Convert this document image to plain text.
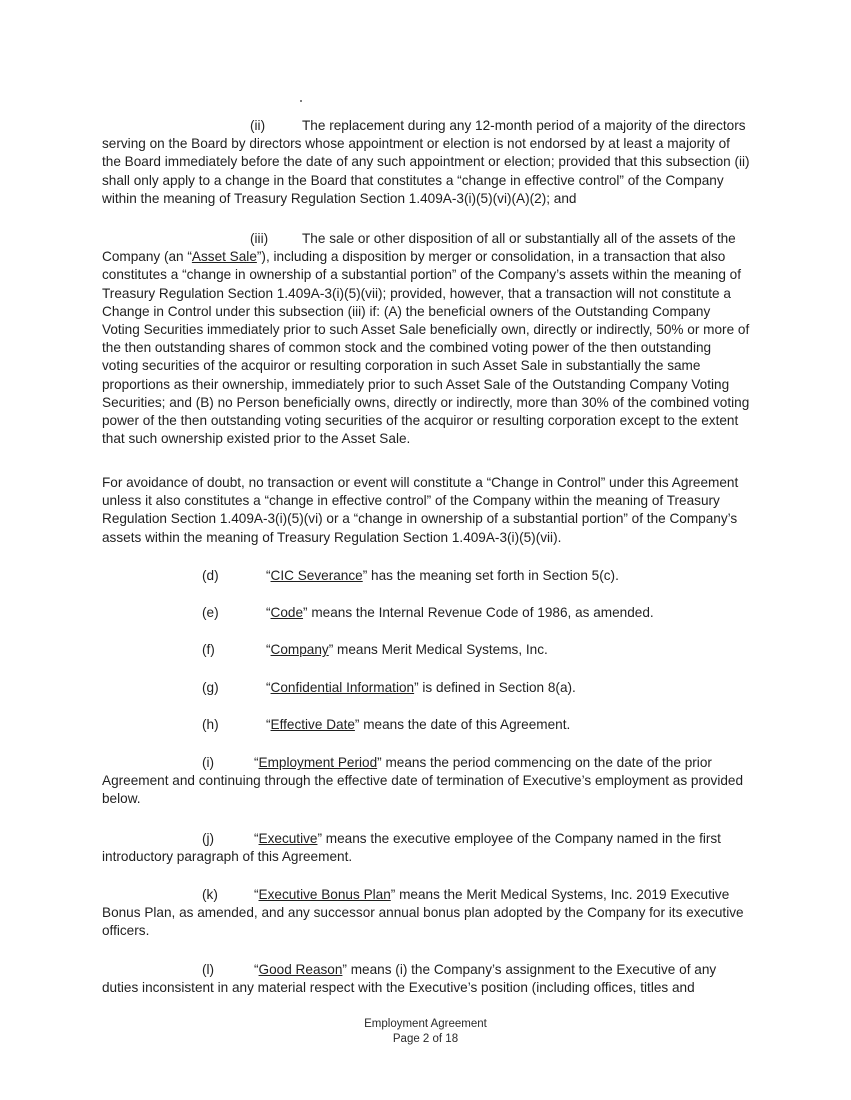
(ii)	The replacement during any 12-month period of a majority of the directors serving on the Board by directors whose appointment or election is not endorsed by at least a majority of the Board immediately before the date of any such appointment or election; provided that this subsection (ii) shall only apply to a change in the Board that constitutes a “change in effective control” of the Company within the meaning of Treasury Regulation Section 1.409A-3(i)(5)(vi)(A)(2); and

(iii) The sale or other disposition of all or substantially all of the assets of the Company (an “Asset Sale”), including a disposition by merger or consolidation, in a transaction that also constitutes a “change in ownership of a substantial portion” of the Company’s assets within the meaning of Treasury Regulation Section 1.409A-3(i)(5)(vii); provided, however, that a transaction will not constitute a Change in Control under this subsection (iii) if: (A) the beneficial owners of the Outstanding Company Voting Securities immediately prior to such Asset Sale beneficially own, directly or indirectly, 50% or more of the then outstanding shares of common stock and the combined voting power of the then outstanding voting securities of the acquiror or resulting corporation in such Asset Sale in substantially the same proportions as their ownership, immediately prior to such Asset Sale of the Outstanding Company Voting Securities; and (B) no Person beneficially owns, directly or indirectly, more than 30% of the combined voting power of the then outstanding voting securities of the acquiror or resulting corporation except to the extent that such ownership existed prior to the Asset Sale.

For avoidance of doubt, no transaction or event will constitute a “Change in Control” under this Agreement unless it also constitutes a “change in effective control” of the Company within the meaning of Treasury Regulation Section 1.409A-3(i)(5)(vi) or a “change in ownership of a substantial portion” of the Company’s assets within the meaning of Treasury Regulation Section 1.409A-3(i)(5)(vii).

(d)	“CIC Severance” has the meaning set forth in Section 5(c).

(e)	“Code” means the Internal Revenue Code of 1986, as amended.

(f)	“Company” means Merit Medical Systems, Inc.

(g)	“Confidential Information” is defined in Section 8(a).

(h)	“Effective Date” means the date of this Agreement.

(i)	“Employment Period” means the period commencing on the date of the prior Agreement and continuing through the effective date of termination of Executive’s employment as provided below.

(j)	“Executive” means the executive employee of the Company named in the first introductory paragraph of this Agreement.

(k)	“Executive Bonus Plan” means the Merit Medical Systems, Inc. 2019 Executive Bonus Plan, as amended, and any successor annual bonus plan adopted by the Company for its executive officers.

(l)	“Good Reason” means (i) the Company’s assignment to the Executive of any duties inconsistent in any material respect with the Executive’s position (including offices, titles and

Employment Agreement
Page 2 of 18
